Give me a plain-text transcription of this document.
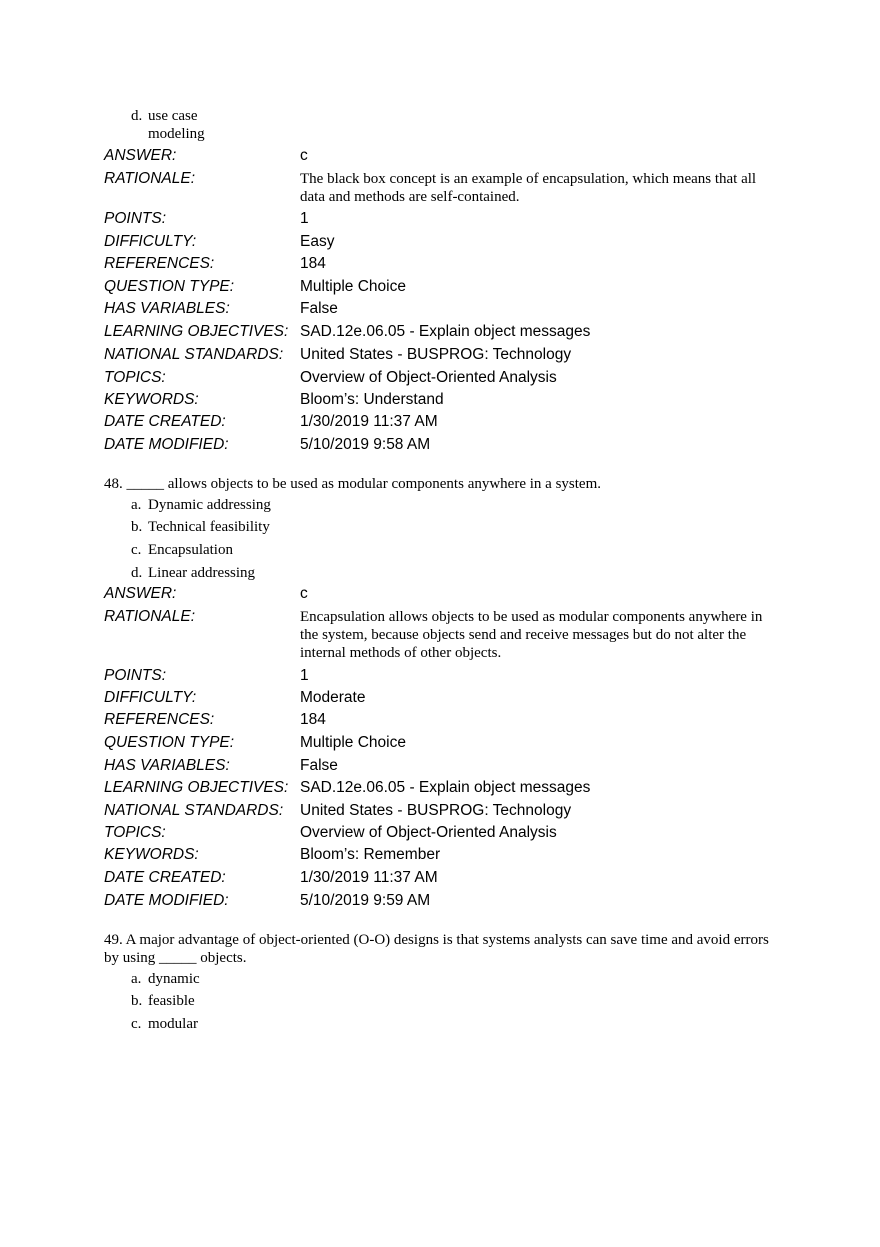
d. use case modeling
ANSWER:	c
RATIONALE:	The black box concept is an example of encapsulation, which means that all data and methods are self-contained.
POINTS:	1
DIFFICULTY:	Easy
REFERENCES:	184
QUESTION TYPE:	Multiple Choice
HAS VARIABLES:	False
LEARNING OBJECTIVES: SAD.12e.06.05 - Explain object messages
NATIONAL STANDARDS: United States - BUSPROG: Technology
TOPICS:	Overview of Object-Oriented Analysis
KEYWORDS:	Bloom’s: Understand
DATE CREATED:	1/30/2019 11:37 AM
DATE MODIFIED:	5/10/2019 9:58 AM
48. _____ allows objects to be used as modular components anywhere in a system.
a. Dynamic addressing
b. Technical feasibility
c. Encapsulation
d. Linear addressing
ANSWER:	c
RATIONALE:	Encapsulation allows objects to be used as modular components anywhere in the system, because objects send and receive messages but do not alter the internal methods of other objects.
POINTS:	1
DIFFICULTY:	Moderate
REFERENCES:	184
QUESTION TYPE:	Multiple Choice
HAS VARIABLES:	False
LEARNING OBJECTIVES: SAD.12e.06.05 - Explain object messages
NATIONAL STANDARDS: United States - BUSPROG: Technology
TOPICS:	Overview of Object-Oriented Analysis
KEYWORDS:	Bloom’s: Remember
DATE CREATED:	1/30/2019 11:37 AM
DATE MODIFIED:	5/10/2019 9:59 AM
49. A major advantage of object-oriented (O-O) designs is that systems analysts can save time and avoid errors by using _____ objects.
a. dynamic
b. feasible
c. modular
